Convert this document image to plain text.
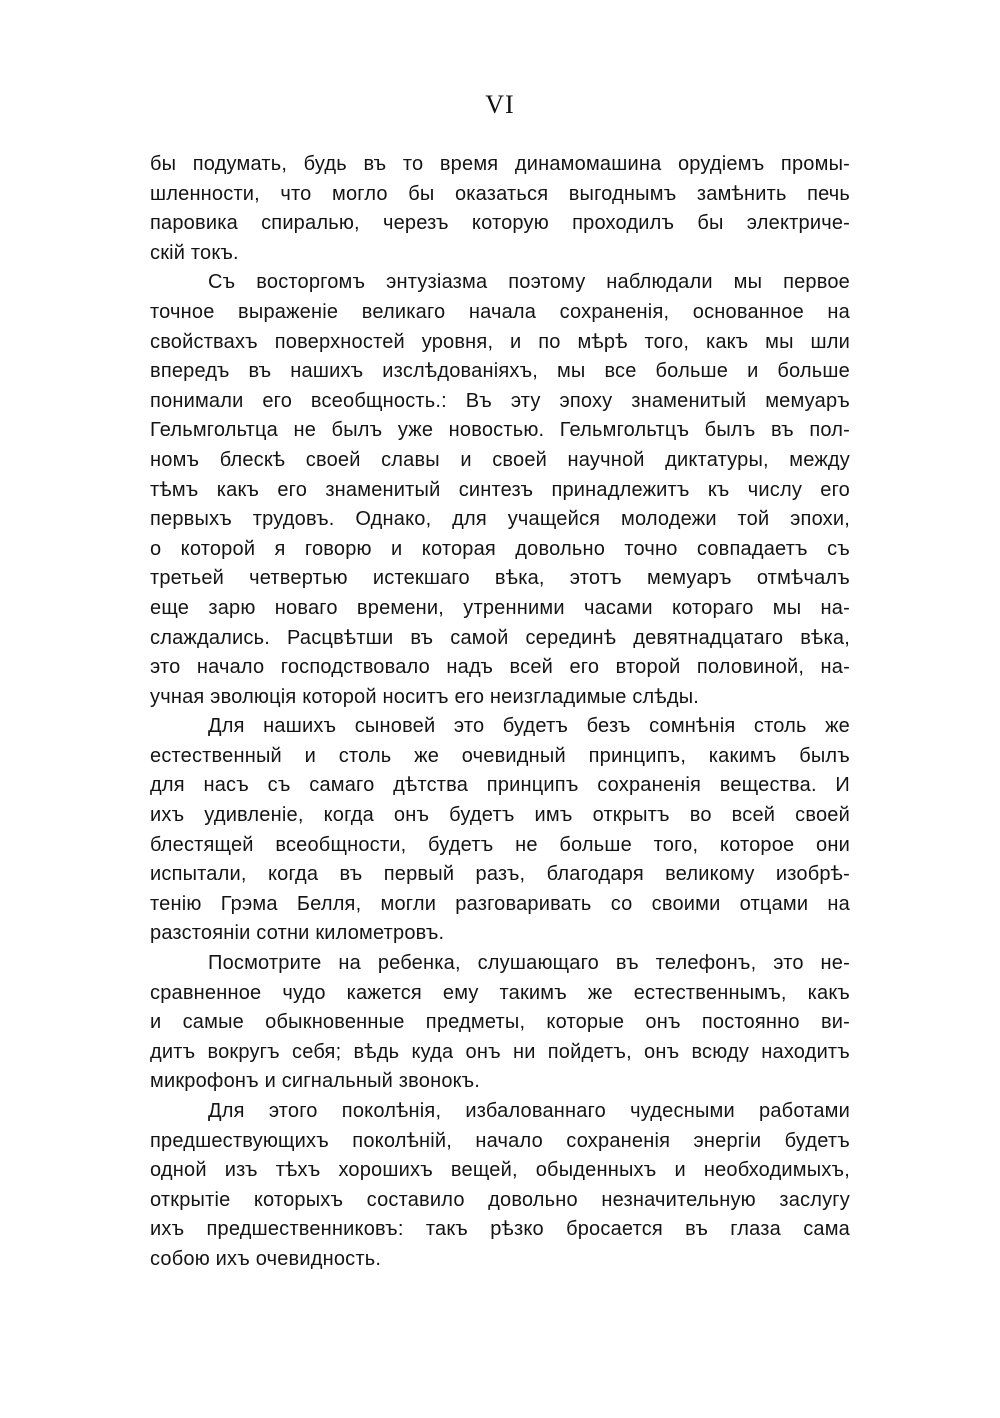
VI
бы подумать, будь въ то время динамомашина орудіемъ промы-
шленности, что могло бы оказаться выгоднымъ замѣнить печь
паровика спиралью, черезъ которую проходилъ бы электриче-
скій токъ.
Съ восторгомъ энтузіазма поэтому наблюдали мы первое
точное выраженіе великаго начала сохраненія, основанное на
свойствахъ поверхностей уровня, и по мѣрѣ того, какъ мы шли
впередъ въ нашихъ изслѣдованіяхъ, мы все больше и больше
понимали его всеобщность.: Въ эту эпоху знаменитый мемуаръ
Гельмгольтца не былъ уже новостью. Гельмгольтцъ былъ въ пол-
номъ блескѣ своей славы и своей научной диктатуры, между
тѣмъ какъ его знаменитый синтезъ принадлежитъ къ числу его
первыхъ трудовъ. Однако, для учащейся молодежи той эпохи,
о которой я говорю и которая довольно точно совпадаетъ съ
третьей четвертью истекшаго вѣка, этотъ мемуаръ отмѣчалъ
еще зарю новаго времени, утренними часами котораго мы на-
слаждались. Расцвѣтши въ самой серединѣ девятнадцатаго вѣка,
это начало господствовало надъ всей его второй половиной, на-
учная эволюція которой носитъ его неизгладимые слѣды.
Для нашихъ сыновей это будетъ безъ сомнѣнія столь же
естественный и столь же очевидный принципъ, какимъ былъ
для насъ съ самаго дѣтства принципъ сохраненія вещества. И
ихъ удивленіе, когда онъ будетъ имъ открытъ во всей своей
блестящей всеобщности, будетъ не больше того, которое они
испытали, когда въ первый разъ, благодаря великому изобрѣ-
тенію Грэма Белля, могли разговаривать со своими отцами на
разстояніи сотни километровъ.
Посмотрите на ребенка, слушающаго въ телефонъ, это не-
сравненное чудо кажется ему такимъ же естественнымъ, какъ
и самые обыкновенные предметы, которые онъ постоянно ви-
дитъ вокругъ себя; вѣдь куда онъ ни пойдетъ, онъ всюду находитъ
микрофонъ и сигнальный звонокъ.
Для этого поколѣнія, избалованнаго чудесными работами
предшествующихъ поколѣній, начало сохраненія энергіи будетъ
одной изъ тѣхъ хорошихъ вещей, обыденныхъ и необходимыхъ,
открытіе которыхъ составило довольно незначительную заслугу
ихъ предшественниковъ: такъ рѣзко бросается въ глаза сама
собою ихъ очевидность.
